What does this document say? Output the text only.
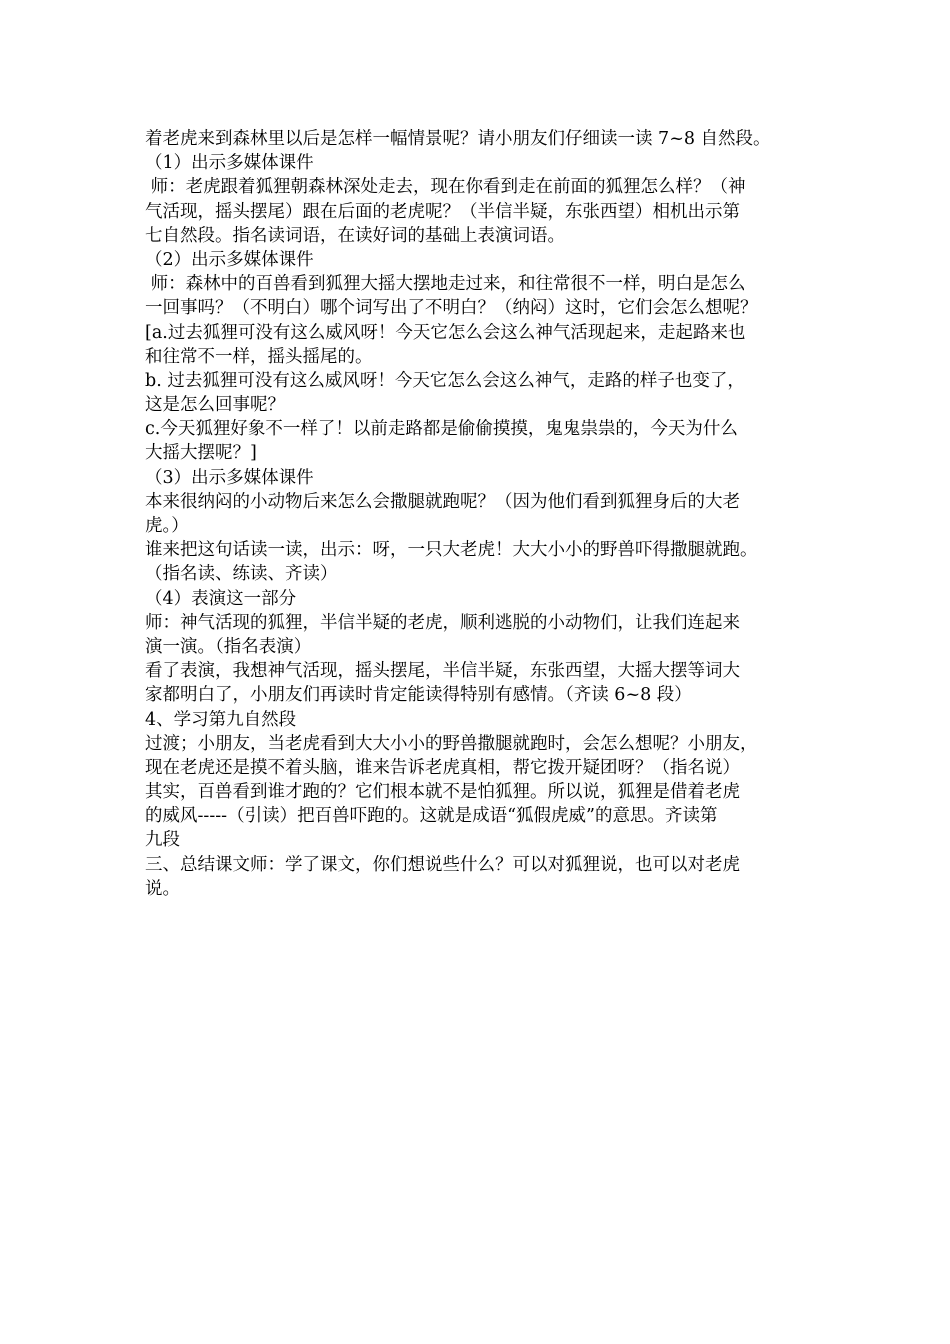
着老虎来到森林里以后是怎样一幅情景呢？请小朋友们仔细读一读 7~8 自然段。
（1）出示多媒体课件
师：老虎跟着狐狸朝森林深处走去，现在你看到走在前面的狐狸怎么样？（神
气活现，摇头摆尾）跟在后面的老虎呢？（半信半疑，东张西望）相机出示第
七自然段。指名读词语，在读好词的基础上表演词语。
（2）出示多媒体课件
师：森林中的百兽看到狐狸大摇大摆地走过来，和往常很不一样，明白是怎么
一回事吗？（不明白）哪个词写出了不明白？（纳闷）这时，它们会怎么想呢？
[a.过去狐狸可没有这么威风呀！今天它怎么会这么神气活现起来，走起路来也
和往常不一样，摇头摇尾的。
b. 过去狐狸可没有这么威风呀！今天它怎么会这么神气，走路的样子也变了，
这是怎么回事呢？
c.今天狐狸好象不一样了！以前走路都是偷偷摸摸，鬼鬼祟祟的，今天为什么
大摇大摆呢？]
（3）出示多媒体课件
本来很纳闷的小动物后来怎么会撒腿就跑呢？（因为他们看到狐狸身后的大老
虎。）
谁来把这句话读一读，出示：呀，一只大老虎！大大小小的野兽吓得撒腿就跑。
（指名读、练读、齐读）
（4）表演这一部分
师：神气活现的狐狸，半信半疑的老虎，顺利逃脱的小动物们，让我们连起来
演一演。（指名表演）
看了表演，我想神气活现，摇头摆尾，半信半疑，东张西望，大摇大摆等词大
家都明白了，小朋友们再读时肯定能读得特别有感情。（齐读 6~8 段）
4、学习第九自然段
过渡；小朋友，当老虎看到大大小小的野兽撒腿就跑时，会怎么想呢？小朋友，
现在老虎还是摸不着头脑，谁来告诉老虎真相，帮它拨开疑团呀？（指名说）
其实，百兽看到谁才跑的？它们根本就不是怕狐狸。所以说，狐狸是借着老虎
的威风-----（引读）把百兽吓跑的。这就是成语“狐假虎威”的意思。齐读第
九段
三、总结课文师：学了课文，你们想说些什么？可以对狐狸说，也可以对老虎
说。
